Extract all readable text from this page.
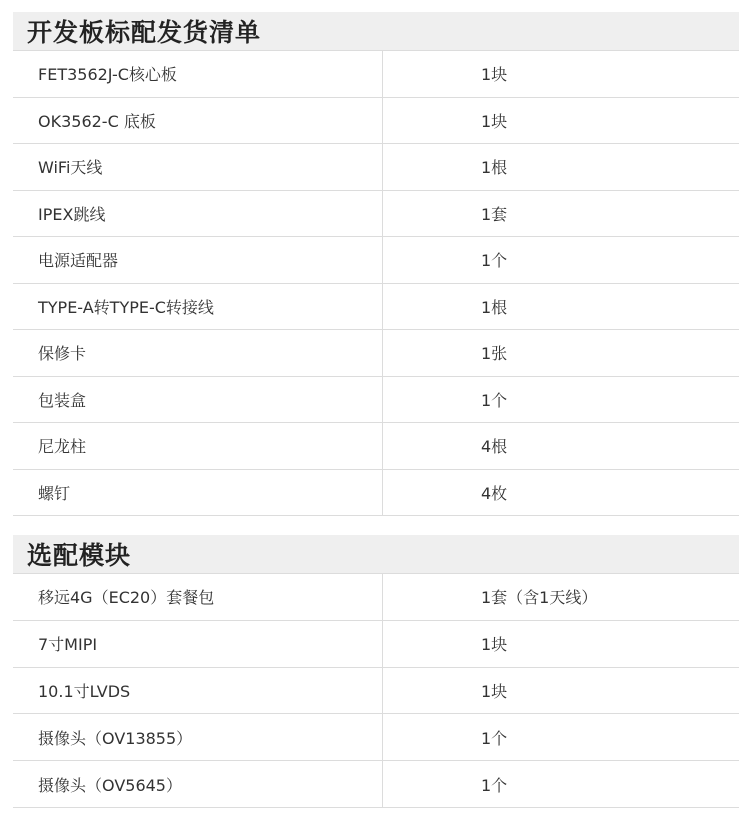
开发板标配发货清单
FET3562J-C核心板	1块
OK3562-C 底板	1块
WiFi天线	1根
IPEX跳线	1套
电源适配器	1个
TYPE-A转TYPE-C转接线	1根
保修卡	1张
包装盒	1个
尼龙柱	4根
螺钉	4枚
选配模块
移远4G（EC20）套餐包	1套（含1天线）
7寸MIPI	1块
10.1寸LVDS	1块
摄像头（OV13855）	1个
摄像头（OV5645）	1个
